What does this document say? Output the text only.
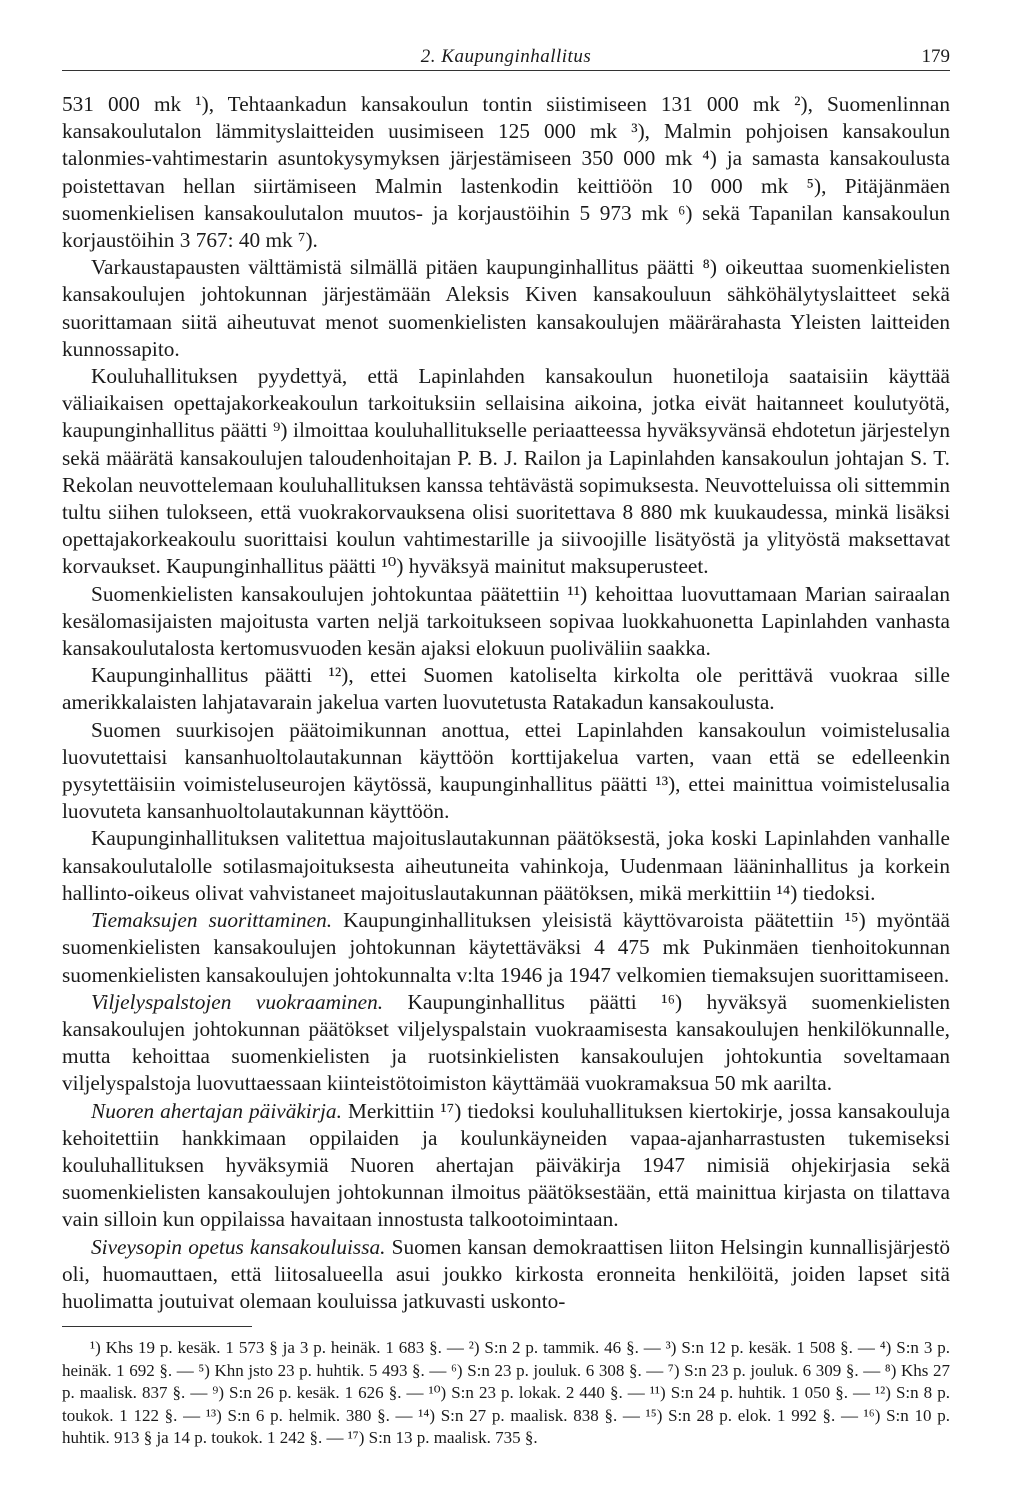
2. Kaupunginhallitus	179

531 000 mk ¹), Tehtaankadun kansakoulun tontin siistimiseen 131 000 mk ²), Suomenlinnan kansakoulutalon lämmityslaitteiden uusimiseen 125 000 mk ³), Malmin pohjoisen kansakoulun talonmies-vahtimestarin asuntokysymyksen järjestämiseen 350 000 mk ⁴) ja samasta kansakoulusta poistettavan hellan siirtämiseen Malmin lastenkodin keittiöön 10 000 mk ⁵), Pitäjänmäen suomenkielisen kansakoulutalon muutos- ja korjaustöihin 5 973 mk ⁶) sekä Tapanilan kansakoulun korjaustöihin 3 767: 40 mk ⁷).

Varkaustapausten välttämistä silmällä pitäen kaupunginhallitus päätti ⁸) oikeuttaa suomenkielisten kansakoulujen johtokunnan järjestämään Aleksis Kiven kansakouluun sähköhälytyslaitteet sekä suorittamaan siitä aiheutuvat menot suomenkielisten kansakoulujen määrärahasta Yleisten laitteiden kunnossapito.

Kouluhallituksen pyydettyä, että Lapinlahden kansakoulun huonetiloja saataisiin käyttää väliaikaisen opettajakorkeakoulun tarkoituksiin sellaisina aikoina, jotka eivät haitanneet koulutyötä, kaupunginhallitus päätti ⁹) ilmoittaa kouluhallitukselle periaatteessa hyväksyvänsä ehdotetun järjestelyn sekä määrätä kansakoulujen taloudenhoitajan P. B. J. Railon ja Lapinlahden kansakoulun johtajan S. T. Rekolan neuvottelemaan kouluhallituksen kanssa tehtävästä sopimuksesta. Neuvotteluissa oli sittemmin tultu siihen tulokseen, että vuokrakorvauksena olisi suoritettava 8 880 mk kuukaudessa, minkä lisäksi opettajakorkeakoulu suorittaisi koulun vahtimestarille ja siivoojille lisätyöstä ja ylityöstä maksettavat korvaukset. Kaupunginhallitus päätti ¹⁰) hyväksyä mainitut maksuperusteet.

Suomenkielisten kansakoulujen johtokuntaa päätettiin ¹¹) kehoittaa luovuttamaan Marian sairaalan kesälomasijaisten majoitusta varten neljä tarkoitukseen sopivaa luokkahuonetta Lapinlahden vanhasta kansakoulutalosta kertomusvuoden kesän ajaksi elokuun puoliväliin saakka.

Kaupunginhallitus päätti ¹²), ettei Suomen katoliselta kirkolta ole perittävä vuokraa sille amerikkalaisten lahjatavarain jakelua varten luovutetusta Ratakadun kansakoulusta.

Suomen suurkisojen päätoimikunnan anottua, ettei Lapinlahden kansakoulun voimistelusalia luovutettaisi kansanhuoltolautakunnan käyttöön korttijakelua varten, vaan että se edelleenkin pysytettäisiin voimisteluseurojen käytössä, kaupunginhallitus päätti ¹³), ettei mainittua voimistelusalia luovuteta kansanhuoltolautakunnan käyttöön.

Kaupunginhallituksen valitettua majoituslautakunnan päätöksestä, joka koski Lapinlahden vanhalle kansakoulutalolle sotilasmajoituksesta aiheutuneita vahinkoja, Uudenmaan lääninhallitus ja korkein hallinto-oikeus olivat vahvistaneet majoituslautakunnan päätöksen, mikä merkittiin ¹⁴) tiedoksi.

Tiemaksujen suorittaminen. Kaupunginhallituksen yleisistä käyttövaroista päätettiin ¹⁵) myöntää suomenkielisten kansakoulujen johtokunnan käytettäväksi 4 475 mk Pukinmäen tienhoitokunnan suomenkielisten kansakoulujen johtokunnalta v:lta 1946 ja 1947 velkomien tiemaksujen suorittamiseen.

Viljelyspalstojen vuokraaminen. Kaupunginhallitus päätti ¹⁶) hyväksyä suomenkielisten kansakoulujen johtokunnan päätökset viljelyspalstain vuokraamisesta kansakoulujen henkilökunnalle, mutta kehoittaa suomenkielisten ja ruotsinkielisten kansakoulujen johtokuntia soveltamaan viljelyspalstoja luovuttaessaan kiinteistötoimiston käyttämää vuokramaksua 50 mk aarilta.

Nuoren ahertajan päiväkirja. Merkittiin ¹⁷) tiedoksi kouluhallituksen kiertokirje, jossa kansakouluja kehoitettiin hankkimaan oppilaiden ja koulunkäyneiden vapaa-ajanharrastusten tukemiseksi kouluhallituksen hyväksymiä Nuoren ahertajan päiväkirja 1947 nimisiä ohjekirjasia sekä suomenkielisten kansakoulujen johtokunnan ilmoitus päätöksestään, että mainittua kirjasta on tilattava vain silloin kun oppilaissa havaitaan innostusta talkootoimintaan.

Siveysopin opetus kansakouluissa. Suomen kansan demokraattisen liiton Helsingin kunnallisjärjestö oli, huomauttaen, että liitosalueella asui joukko kirkosta eronneita henkilöitä, joiden lapset sitä huolimatta joutuivat olemaan kouluissa jatkuvasti uskonto-

¹) Khs 19 p. kesäk. 1 573 § ja 3 p. heinäk. 1 683 §. — ²) S:n 2 p. tammik. 46 §. — ³) S:n 12 p. kesäk. 1 508 §. — ⁴) S:n 3 p. heinäk. 1 692 §. — ⁵) Khn jsto 23 p. huhtik. 5 493 §. — ⁶) S:n 23 p. jouluk. 6 308 §. — ⁷) S:n 23 p. jouluk. 6 309 §. — ⁸) Khs 27 p. maalisk. 837 §. — ⁹) S:n 26 p. kesäk. 1 626 §. — ¹⁰) S:n 23 p. lokak. 2 440 §. — ¹¹) S:n 24 p. huhtik. 1 050 §. — ¹²) S:n 8 p. toukok. 1 122 §. — ¹³) S:n 6 p. helmik. 380 §. — ¹⁴) S:n 27 p. maalisk. 838 §. — ¹⁵) S:n 28 p. elok. 1 992 §. — ¹⁶) S:n 10 p. huhtik. 913 § ja 14 p. toukok. 1 242 §. — ¹⁷) S:n 13 p. maalisk. 735 §.
